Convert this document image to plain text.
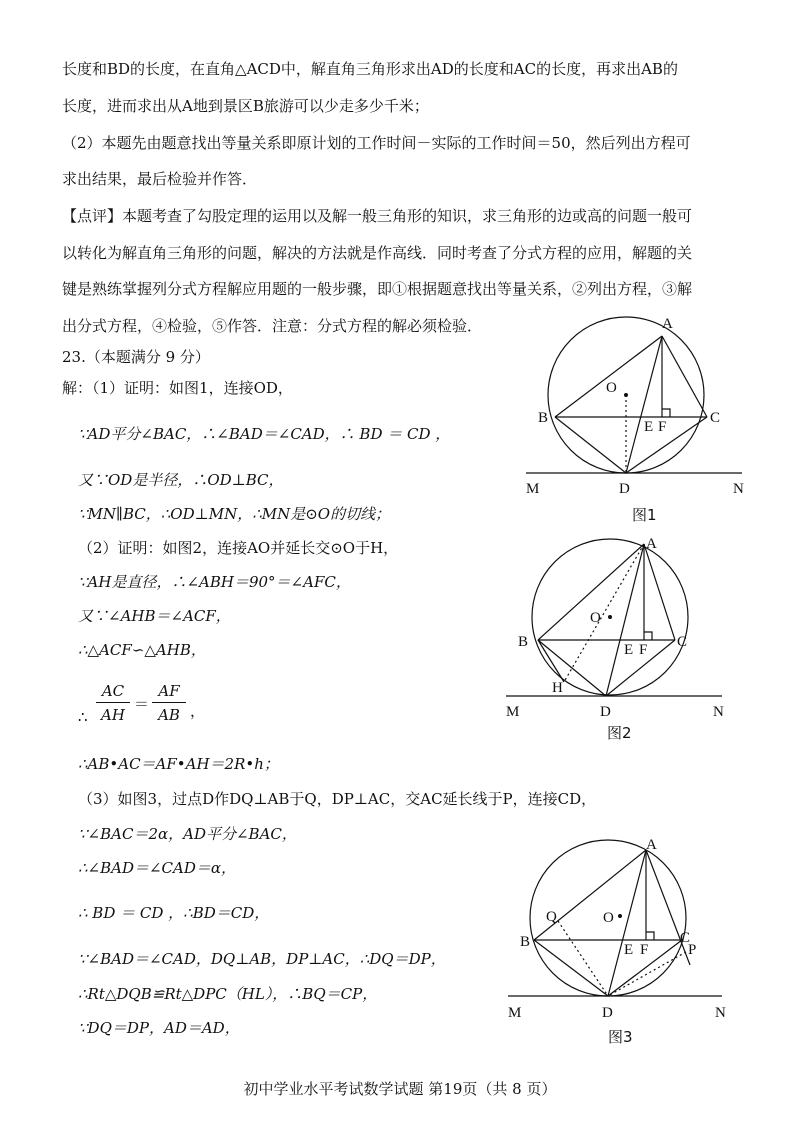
长度和BD的长度，在直角△ACD中，解直角三角形求出AD的长度和AC的长度，再求出AB的
长度，进而求出从A地到景区B旅游可以少走多少千米；
（2）本题先由题意找出等量关系即原计划的工作时间－实际的工作时间＝50，然后列出方程可
求出结果，最后检验并作答．
【点评】本题考查了勾股定理的运用以及解一般三角形的知识，求三角形的边或高的问题一般可
以转化为解直角三角形的问题，解决的方法就是作高线．同时考查了分式方程的应用，解题的关
键是熟练掌握列分式方程解应用题的一般步骤，即①根据题意找出等量关系，②列出方程，③解
出分式方程，④检验，⑤作答．注意：分式方程的解必须检验．
23.（本题满分 9 分）
解：（1）证明：如图1，连接OD，
∵AD平分∠BAC，∴∠BAD＝∠CAD，∴ BD ＝ CD ，
又∵OD是半径，∴OD⊥BC，
∵MN∥BC，∴OD⊥MN，∴MN是⊙O的切线；
（2）证明：如图2，连接AO并延长交⊙O于H，
∵AH是直径，∴∠ABH＝90°＝∠AFC，
又∵∠AHB＝∠ACF，
∴△ACF∽△AHB，
∴
AC
AH
＝
AF
AB ，
∴AB•AC＝AF•AH＝2R•h；
（3）如图3，过点D作DQ⊥AB于Q，DP⊥AC，交AC延长线于P，连接CD，
∵∠BAC＝2α，AD平分∠BAC，
∴∠BAD＝∠CAD＝α，
∴ BD ＝ CD ，∴BD＝CD，
∵∠BAD＝∠CAD，DQ⊥AB，DP⊥AC，∴DQ＝DP，
∴Rt△DQB≌Rt△DPC（HL），∴BQ＝CP，
∵DQ＝DP，AD＝AD，
A
B	C
D
E F
O
M	N
图1
A
B	C
D
E F
O
H
M	N
图2
A
B	C
P
D
E F
O
Q
M	N
图3
初中学业水平考试数学试题 第19页（共 8 页）
